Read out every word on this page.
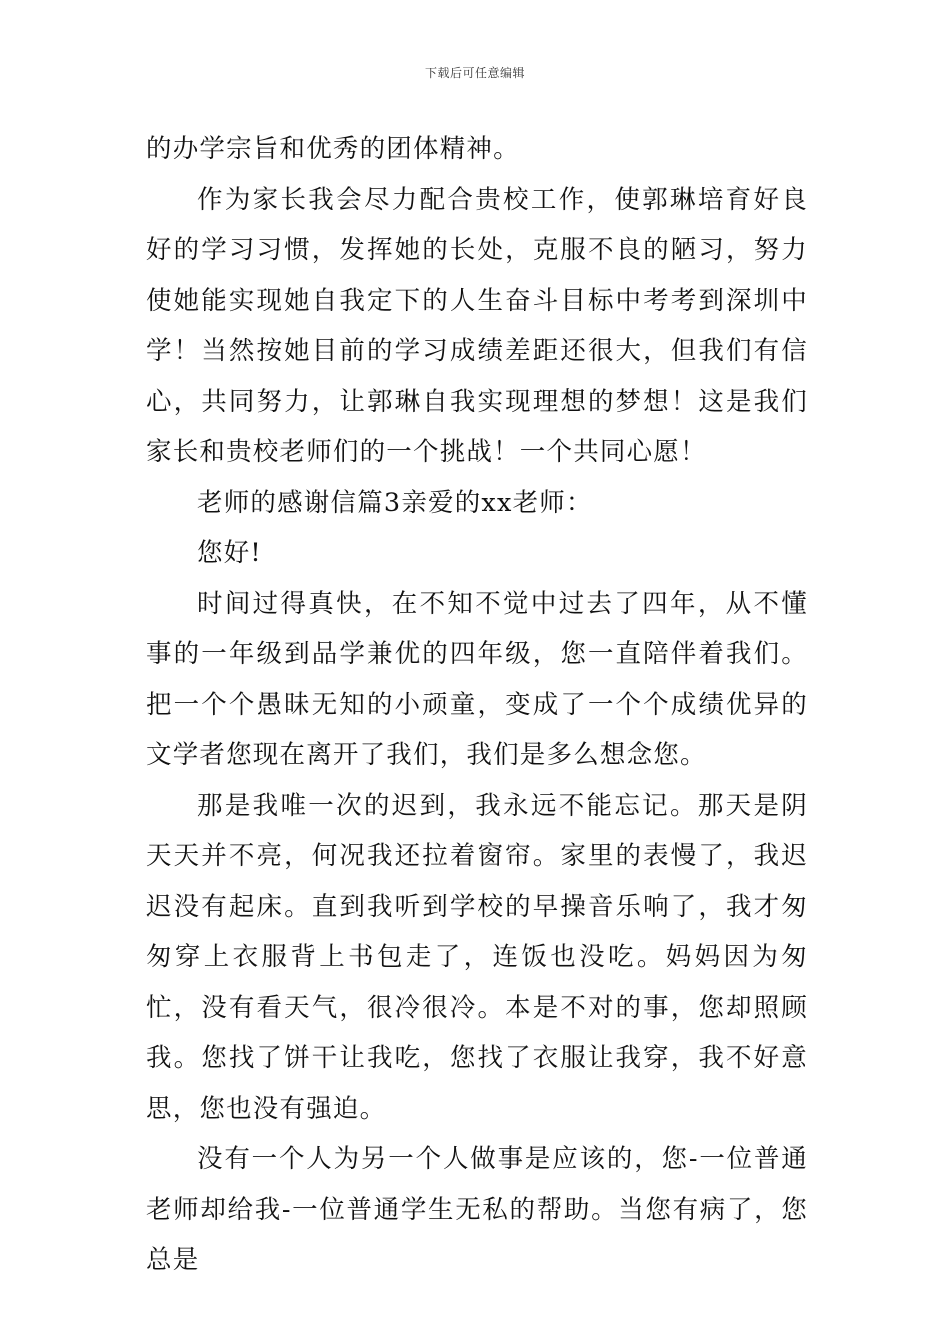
下载后可任意编辑

的办学宗旨和优秀的团体精神。

作为家长我会尽力配合贵校工作，使郭琳培育好良好的学习习惯，发挥她的长处，克服不良的陋习，努力使她能实现她自我定下的人生奋斗目标中考考到深圳中学！当然按她目前的学习成绩差距还很大，但我们有信心，共同努力，让郭琳自我实现理想的梦想！这是我们家长和贵校老师们的一个挑战！一个共同心愿！

老师的感谢信篇3亲爱的xx老师：

您好!

时间过得真快，在不知不觉中过去了四年，从不懂事的一年级到品学兼优的四年级，您一直陪伴着我们。把一个个愚昧无知的小顽童，变成了一个个成绩优异的文学者您现在离开了我们，我们是多么想念您。

那是我唯一次的迟到，我永远不能忘记。那天是阴天天并不亮，何况我还拉着窗帘。家里的表慢了，我迟迟没有起床。直到我听到学校的早操音乐响了，我才匆匆穿上衣服背上书包走了，连饭也没吃。妈妈因为匆忙，没有看天气，很冷很冷。本是不对的事，您却照顾我。您找了饼干让我吃，您找了衣服让我穿，我不好意思，您也没有强迫。

没有一个人为另一个人做事是应该的，您-一位普通老师却给我-一位普通学生无私的帮助。当您有病了，您总是
